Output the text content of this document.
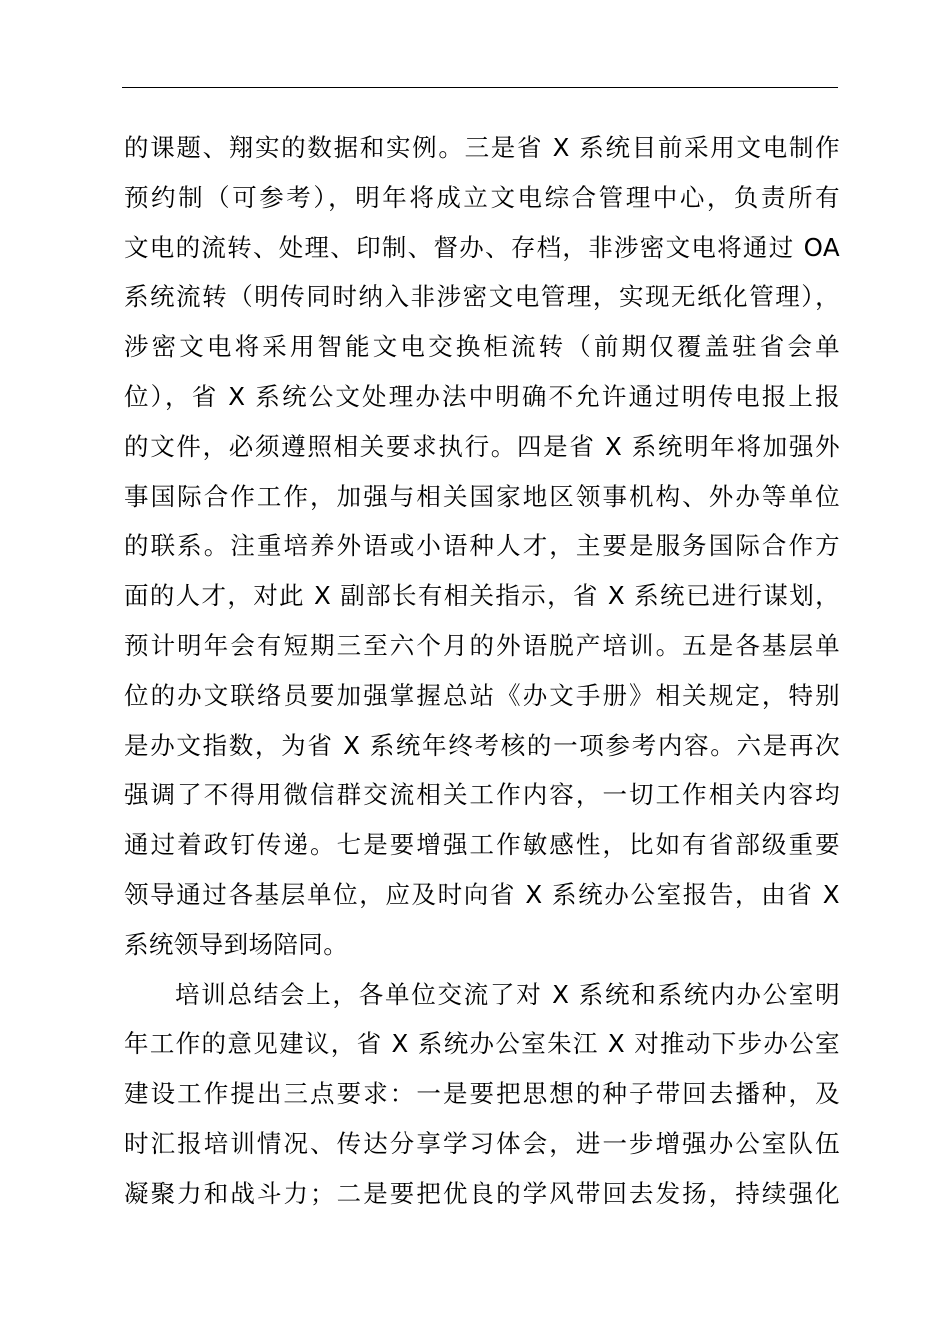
的课题、翔实的数据和实例。三是省 X 系统目前采用文电制作
预约制（可参考），明年将成立文电综合管理中心，负责所有
文电的流转、处理、印制、督办、存档，非涉密文电将通过 OA
系统流转（明传同时纳入非涉密文电管理，实现无纸化管理），
涉密文电将采用智能文电交换柜流转（前期仅覆盖驻省会单
位），省 X 系统公文处理办法中明确不允许通过明传电报上报
的文件，必须遵照相关要求执行。四是省 X 系统明年将加强外
事国际合作工作，加强与相关国家地区领事机构、外办等单位
的联系。注重培养外语或小语种人才，主要是服务国际合作方
面的人才，对此 X 副部长有相关指示，省 X 系统已进行谋划，
预计明年会有短期三至六个月的外语脱产培训。五是各基层单
位的办文联络员要加强掌握总站《办文手册》相关规定，特别
是办文指数，为省 X 系统年终考核的一项参考内容。六是再次
强调了不得用微信群交流相关工作内容，一切工作相关内容均
通过着政钉传递。七是要增强工作敏感性，比如有省部级重要
领导通过各基层单位，应及时向省 X 系统办公室报告，由省 X
系统领导到场陪同。
培训总结会上，各单位交流了对 X 系统和系统内办公室明
年工作的意见建议，省 X 系统办公室朱江 X 对推动下步办公室
建设工作提出三点要求：一是要把思想的种子带回去播种，及
时汇报培训情况、传达分享学习体会，进一步增强办公室队伍
凝聚力和战斗力；二是要把优良的学风带回去发扬，持续强化
